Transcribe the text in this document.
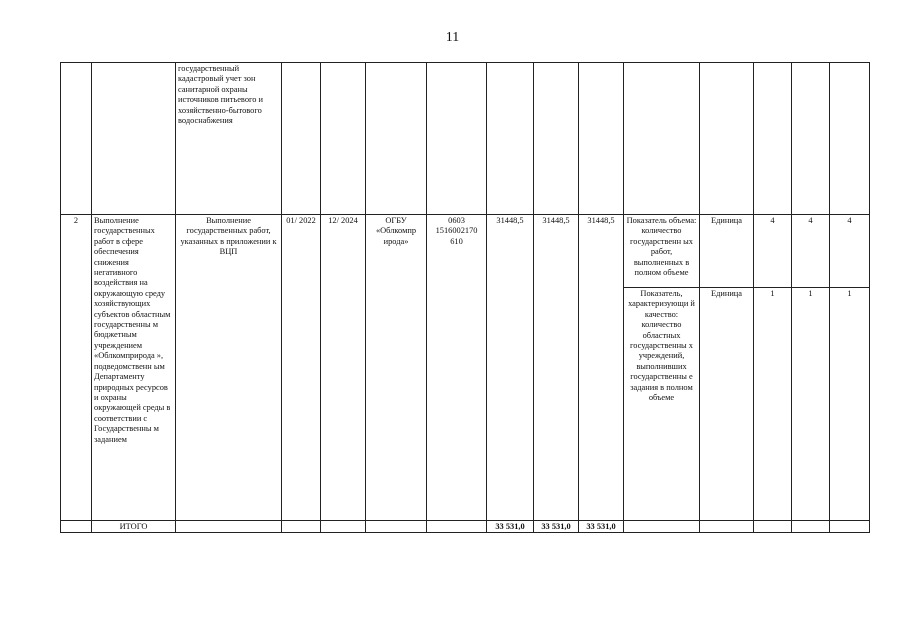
11
		государственный кадастровый учет зон санитарной охраны источников питьевого и хозяйственно-бытового водоснабжения												
2	Выполнение государственных работ в сфере обеспечения снижения негативного воздействия на окружающую среду хозяйствующих субъектов областным государственны м бюджетным учреждением «Облкомприрода », подведомственн ым Департаменту природных ресурсов и охраны окружающей среды в соответствии с Государственны м заданием	Выполнение государственных работ, указанных в приложении к ВЦП	01/ 2022	12/ 2024	ОГБУ «Облкомпр ирода»	0603 1516002170 610	31448,5	31448,5	31448,5	Показатель объема: количество государственн ых работ, выполненных в полном объеме	Единица	4	4	4
										Показатель, характеризующи й качество: количество областных государственны х учреждений, выполнивших государственны е задания в полном объеме	Единица	1	1	1
	ИТОГО						33 531,0	33 531,0	33 531,0					
